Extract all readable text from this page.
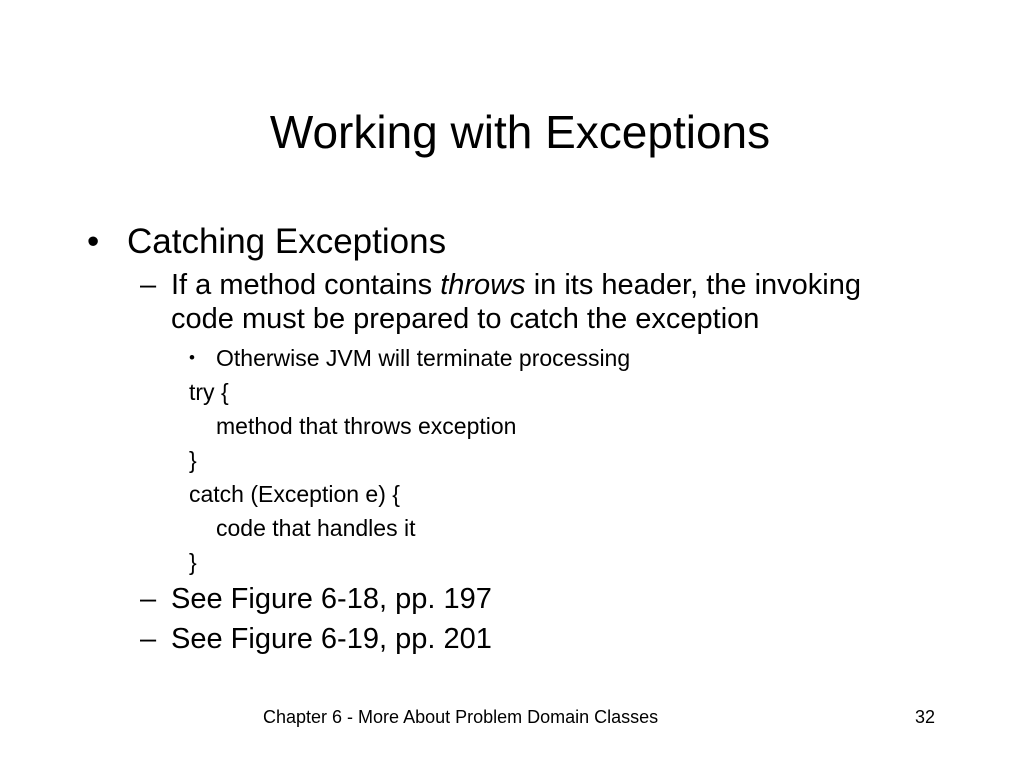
Working with Exceptions
• Catching Exceptions
– If a method contains throws in its header, the invoking
code must be prepared to catch the exception
• Otherwise JVM will terminate processing
try {
method that throws exception
}
catch (Exception e) {
code that handles it
}
– See Figure 6-18, pp. 197
– See Figure 6-19, pp. 201
Chapter 6 - More About Problem Domain Classes	32
